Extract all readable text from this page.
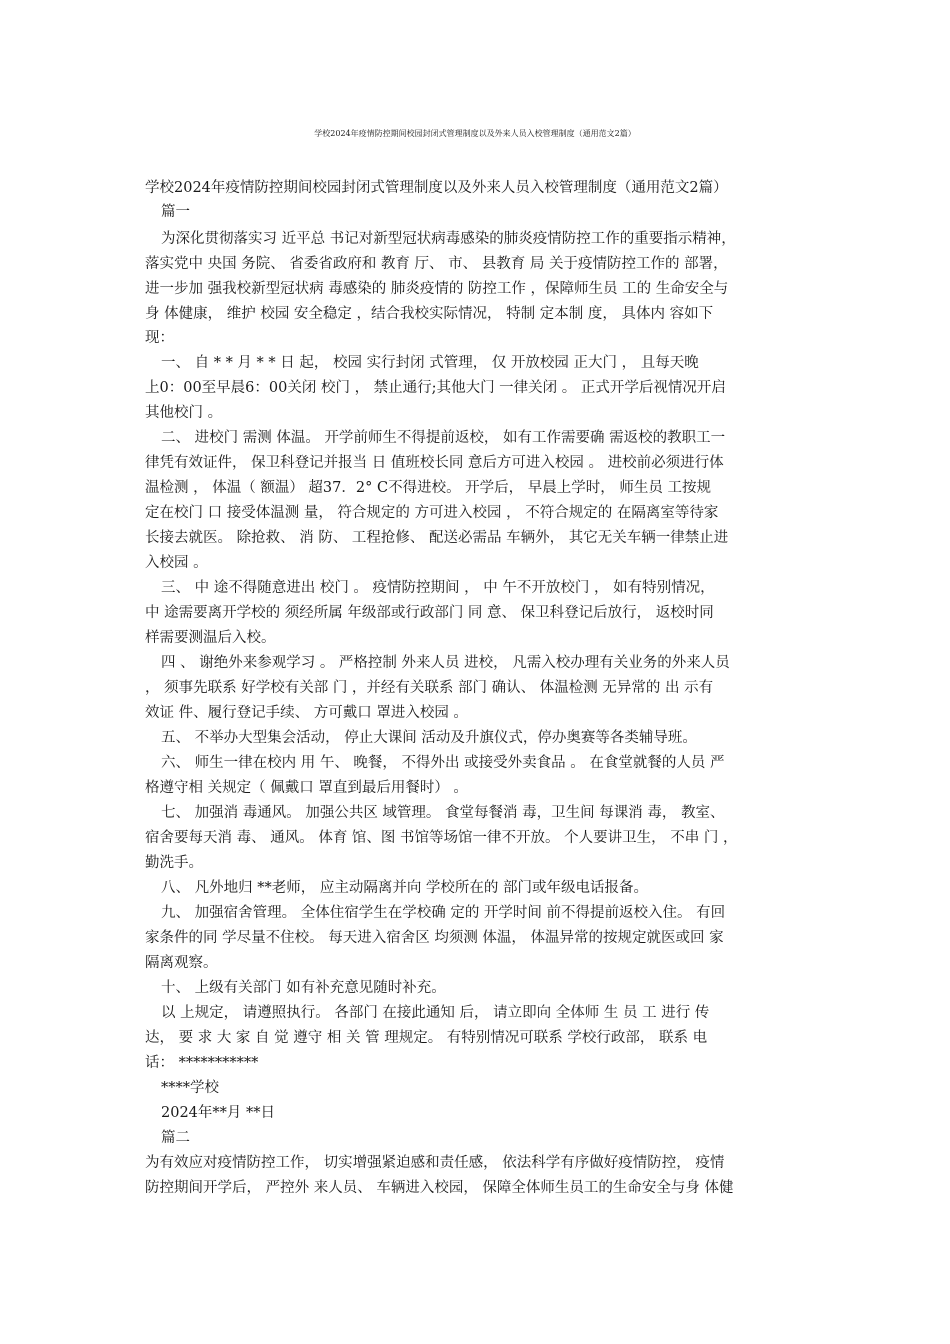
学校2024年疫情防控期间校园封闭式管理制度以及外来人员入校管理制度（通用范文2篇）
学校2024年疫情防控期间校园封闭式管理制度以及外来人员入校管理制度（通用范文2篇）
篇一
为深化贯彻落实习 近平总 书记对新型冠状病毒感染的肺炎疫情防控工作的重要指示精神，
落实党中 央国 务院、 省委省政府和 教育 厅、 市、 县教育 局 关于疫情防控工作的 部署，
进一步加 强我校新型冠状病 毒感染的 肺炎疫情的 防控工作 ，保障师生员 工的 生命安全与
身 体健康， 维护 校园 安全稳定 ，结合我校实际情况， 特制 定本制 度， 具体内 容如下
现：
一、 自 * * 月 * * 日 起， 校园 实行封闭 式管理， 仅 开放校园 正大门 ， 且每天晚
上0：00至早晨6：00关闭 校门 ， 禁止通行;其他大门 一律关闭 。 正式开学后视情况开启
其他校门 。
二、 进校门 需测 体温。 开学前师生不得提前返校， 如有工作需要确 需返校的教职工一
律凭有效证件， 保卫科登记并报当 日 值班校长同 意后方可进入校园 。 进校前必须进行体
温检测 ， 体温（ 额温） 超37．2° C不得进校。 开学后， 早晨上学时， 师生员 工按规
定在校门 口 接受体温测 量， 符合规定的 方可进入校园 ， 不符合规定的 在隔离室等待家
长接去就医。 除抢救、 消 防、 工程抢修、 配送必需品 车辆外， 其它无关车辆一律禁止进
入校园 。
三、 中 途不得随意进出 校门 。 疫情防控期间 ， 中 午不开放校门 ， 如有特别情况，
中 途需要离开学校的 须经所属 年级部或行政部门 同 意、 保卫科登记后放行， 返校时同
样需要测温后入校。
四 、 谢绝外来参观学习 。 严格控制 外来人员 进校， 凡需入校办理有关业务的外来人员
， 须事先联系 好学校有关部 门 ，并经有关联系 部门 确认、 体温检测 无异常的 出 示有
效证 件、履行登记手续、 方可戴口 罩进入校园 。
五、 不举办大型集会活动， 停止大课间 活动及升旗仪式，停办奥赛等各类辅导班。
六、 师生一律在校内 用 午、 晚餐， 不得外出 或接受外卖食品 。 在食堂就餐的人员 严
格遵守相 关规定（ 佩戴口 罩直到最后用餐时） 。
七、 加强消 毒通风。 加强公共区 域管理。 食堂每餐消 毒，卫生间 每课消 毒， 教室、
宿舍要每天消 毒、 通风。 体育 馆、图 书馆等场馆一律不开放。 个人要讲卫生， 不串 门 ，
勤洗手。
八、 凡外地归 **老师， 应主动隔离并向 学校所在的 部门或年级电话报备。
九、 加强宿舍管理。 全体住宿学生在学校确 定的 开学时间 前不得提前返校入住。 有回
家条件的同 学尽量不住校。 每天进入宿舍区 均须测 体温， 体温异常的按规定就医或回 家
隔离观察。
十、 上级有关部门 如有补充意见随时补充。
以 上规定， 请遵照执行。 各部门 在接此通知 后， 请立即向 全体师 生 员 工 进行 传
达， 要 求 大 家 自 觉 遵守 相 关 管 理规定。 有特别情况可联系 学校行政部， 联系 电
话： ***********
****学校
2024年**月 **日
篇二
为有效应对疫情防控工作， 切实增强紧迫感和责任感， 依法科学有序做好疫情防控， 疫情
防控期间开学后， 严控外 来人员、 车辆进入校园， 保障全体师生员工的生命安全与身 体健
